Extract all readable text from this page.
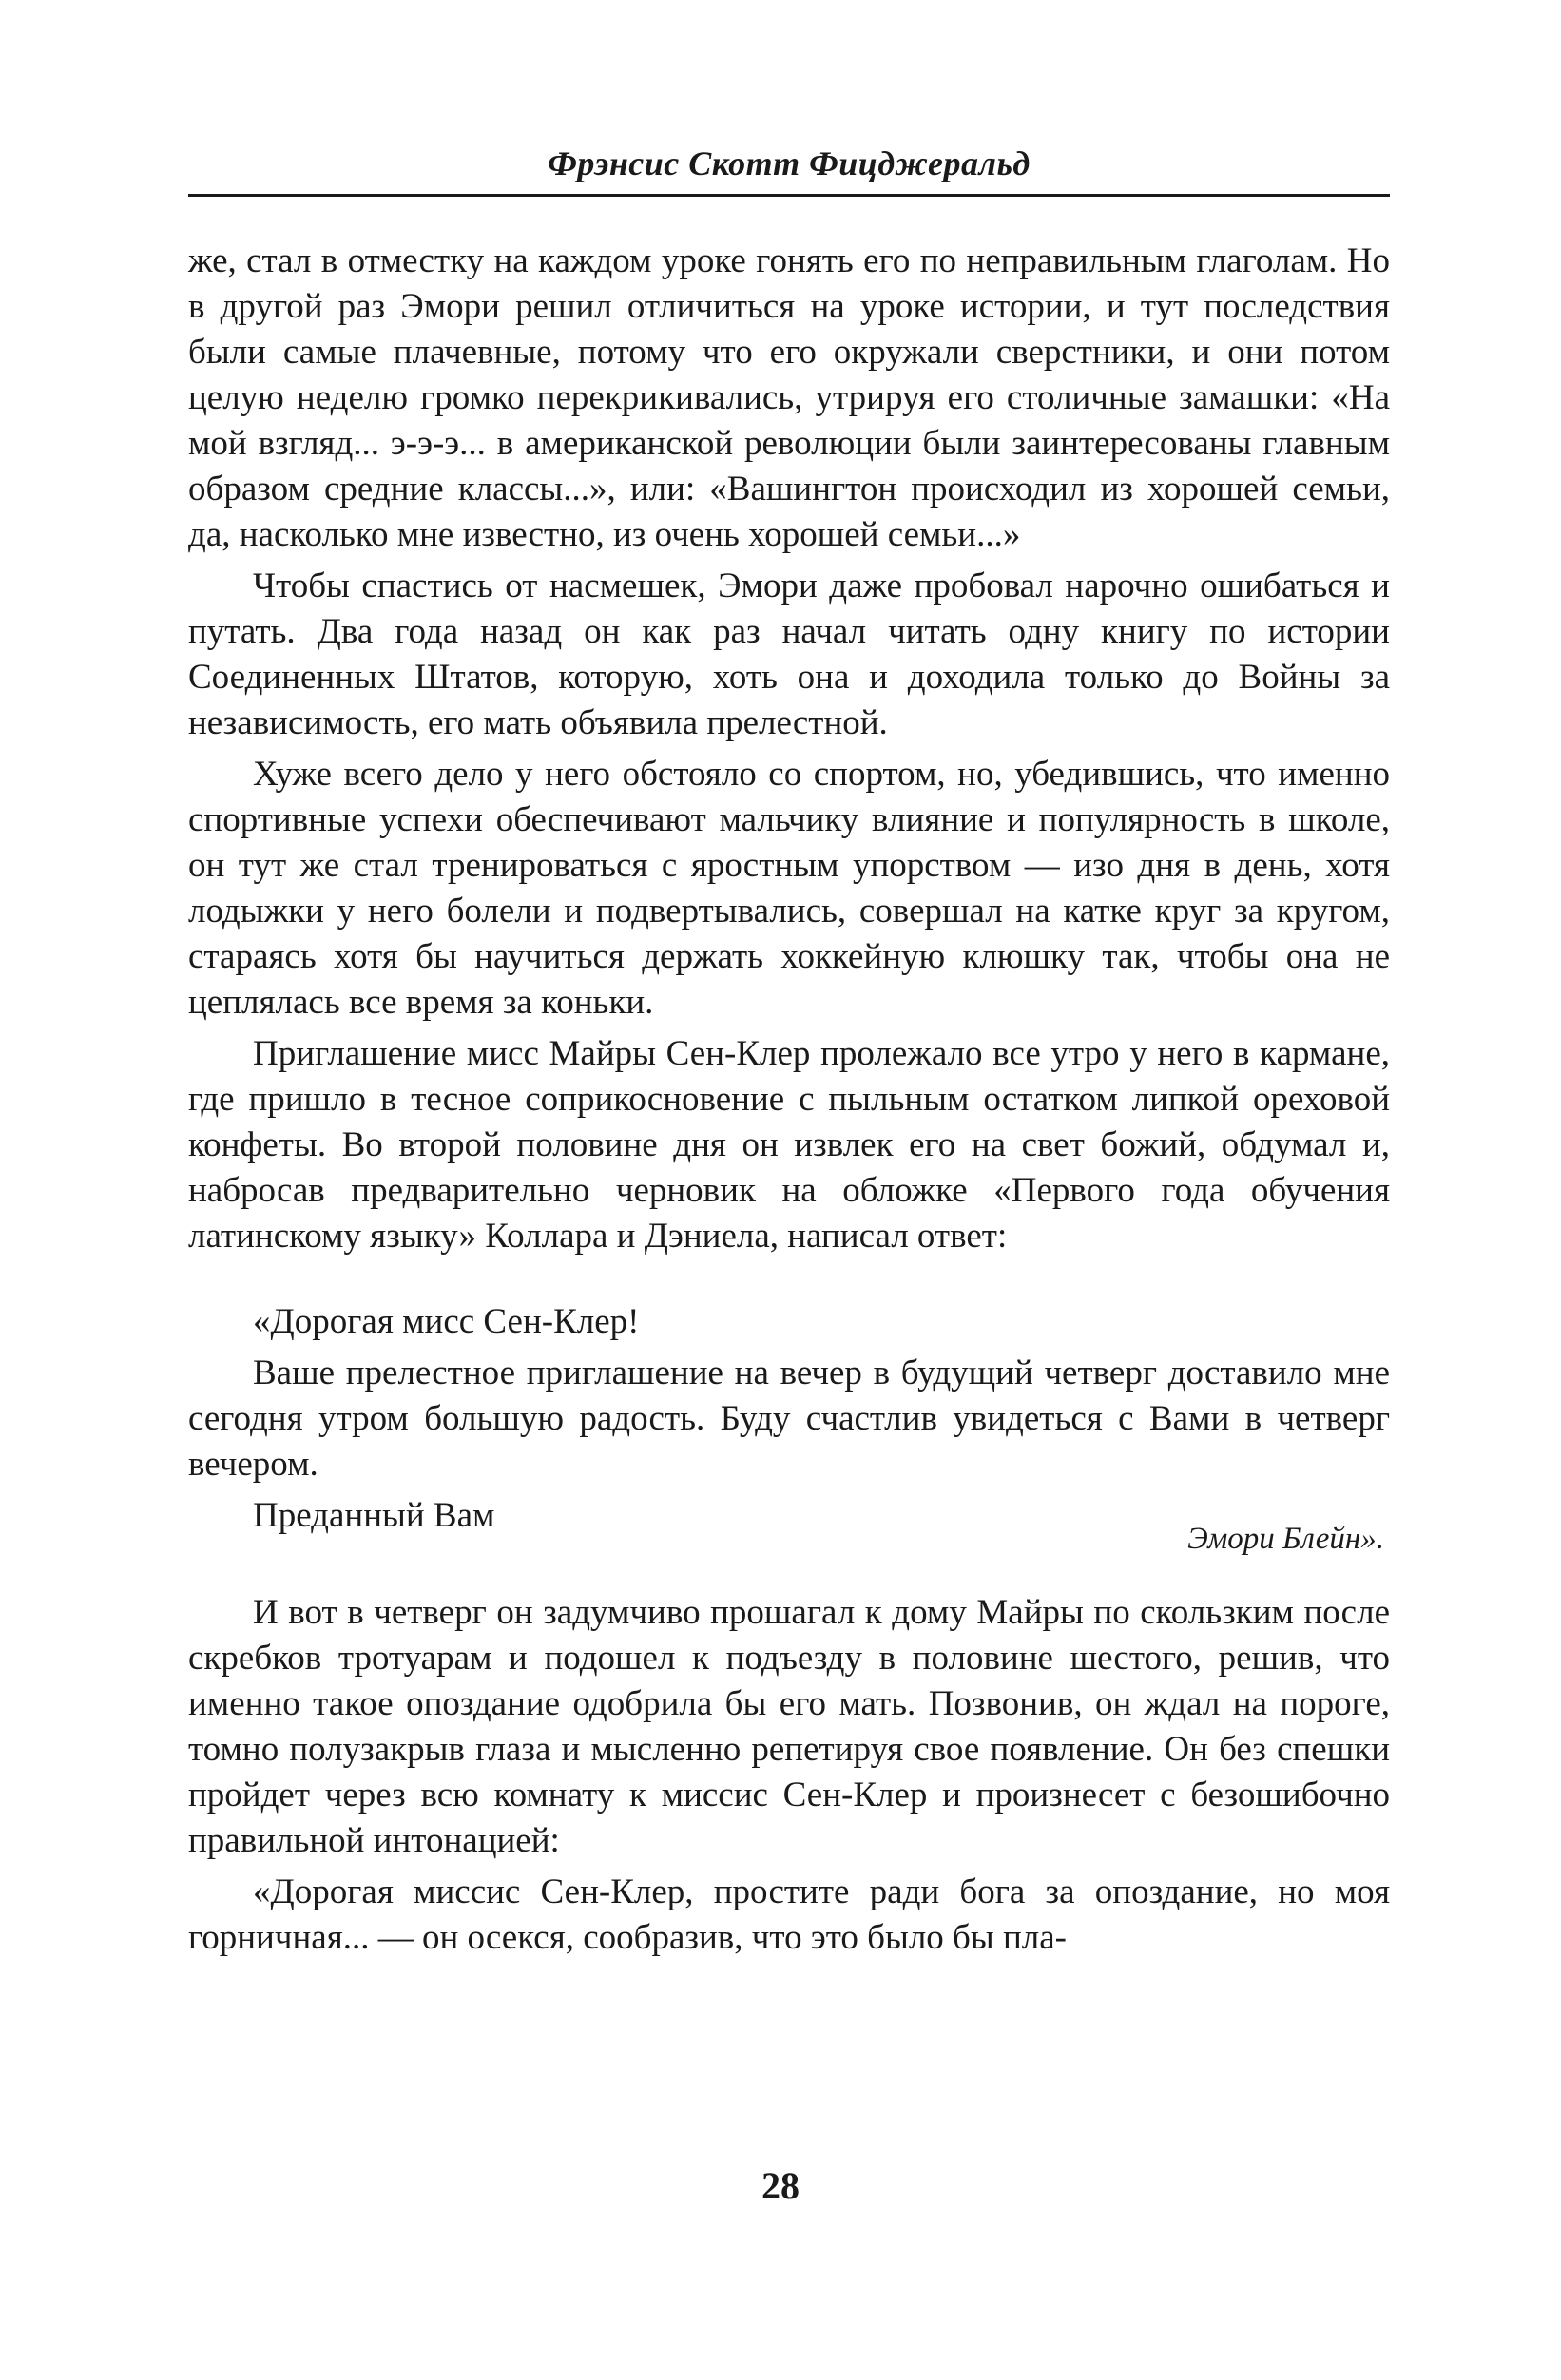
Фрэнсис Скотт Фицджеральд

же, стал в отместку на каждом уроке гонять его по неправильным глаголам. Но в другой раз Эмори решил отличиться на уроке истории, и тут последствия были самые плачевные, потому что его окружали сверстники, и они потом целую неделю громко перекрикивались, утрируя его столичные замашки: «На мой взгляд... э-э-э... в американской революции были заинтересованы главным образом средние классы...», или: «Вашингтон происходил из хорошей семьи, да, насколько мне известно, из очень хорошей семьи...»

Чтобы спастись от насмешек, Эмори даже пробовал нарочно ошибаться и путать. Два года назад он как раз начал читать одну книгу по истории Соединенных Штатов, которую, хоть она и доходила только до Войны за независимость, его мать объявила прелестной.

Хуже всего дело у него обстояло со спортом, но, убедившись, что именно спортивные успехи обеспечивают мальчику влияние и популярность в школе, он тут же стал тренироваться с яростным упорством — изо дня в день, хотя лодыжки у него болели и подвертывались, совершал на катке круг за кругом, стараясь хотя бы научиться держать хоккейную клюшку так, чтобы она не цеплялась все время за коньки.

Приглашение мисс Майры Сен-Клер пролежало все утро у него в кармане, где пришло в тесное соприкосновение с пыльным остатком липкой ореховой конфеты. Во второй половине дня он извлек его на свет божий, обдумал и, набросав предварительно черновик на обложке «Первого года обучения латинскому языку» Коллара и Дэниела, написал ответ:

«Дорогая мисс Сен-Клер!

Ваше прелестное приглашение на вечер в будущий четверг доставило мне сегодня утром большую радость. Буду счастлив увидеться с Вами в четверг вечером.

Преданный Вам
Эмори Блейн».

И вот в четверг он задумчиво прошагал к дому Майры по скользким после скребков тротуарам и подошел к подъезду в половине шестого, решив, что именно такое опоздание одобрила бы его мать. Позвонив, он ждал на пороге, томно полузакрыв глаза и мысленно репетируя свое появление. Он без спешки пройдет через всю комнату к миссис Сен-Клер и произнесет с безошибочно правильной интонацией:

«Дорогая миссис Сен-Клер, простите ради бога за опоздание, но моя горничная... — он осекся, сообразив, что это было бы пла-

28
